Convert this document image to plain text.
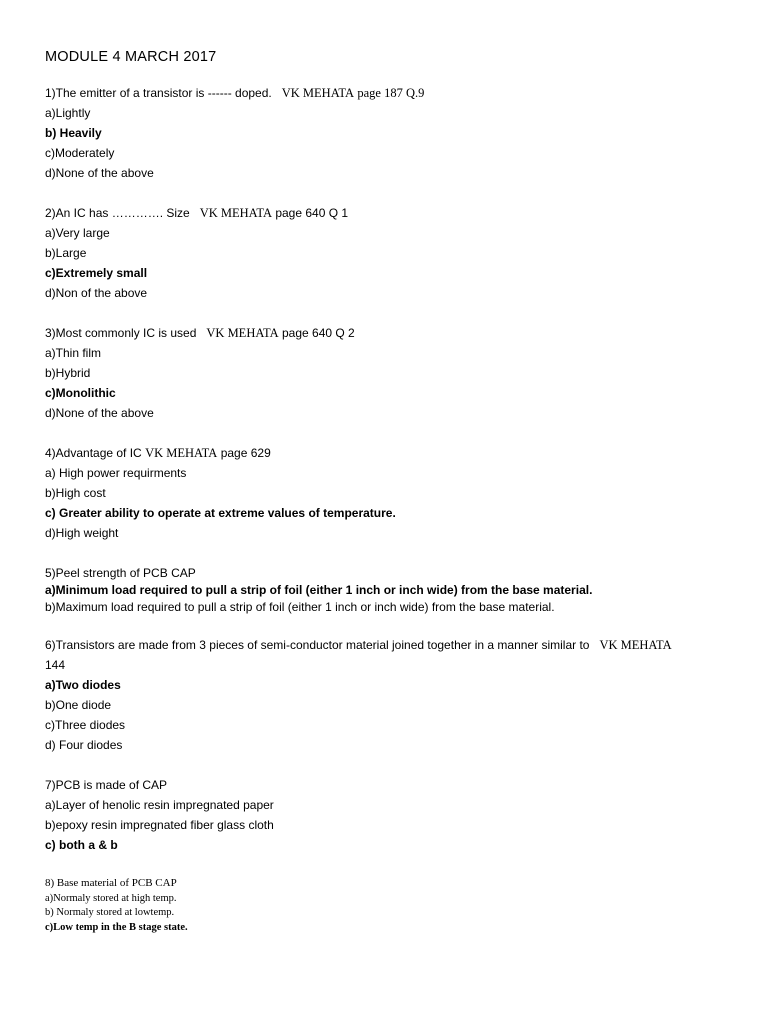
MODULE 4 MARCH 2017
1)The emitter of a transistor is ------ doped. VK MEHATA page 187 Q.9
a)Lightly
b) Heavily
c)Moderately
d)None of the above
2)An IC has …………. Size VK MEHATA page 640 Q 1
a)Very large
b)Large
c)Extremely small
d)Non of the above
3)Most commonly IC is used VK MEHATA page 640 Q 2
a)Thin film
b)Hybrid
c)Monolithic
d)None of the above
4)Advantage of IC VK MEHATA page 629
a) High power requirments
b)High cost
c) Greater ability to operate at extreme values of temperature.
d)High weight
5)Peel strength of PCB CAP
a)Minimum load required to pull a strip of foil (either 1 inch or inch wide) from the base material.
b)Maximum load required to pull a strip of foil (either 1 inch or inch wide) from the base material.
6)Transistors are made from 3 pieces of semi-conductor material joined together in a manner similar to VK MEHATA
144
a)Two diodes
b)One diode
c)Three diodes
d) Four diodes
7)PCB is made of CAP
a)Layer of henolic resin impregnated paper
b)epoxy resin impregnated fiber glass cloth
c) both a & b
8) Base material of PCB CAP
a)Normaly stored at high temp.
b) Normaly stored at lowtemp.
c)Low temp in the B stage state.
